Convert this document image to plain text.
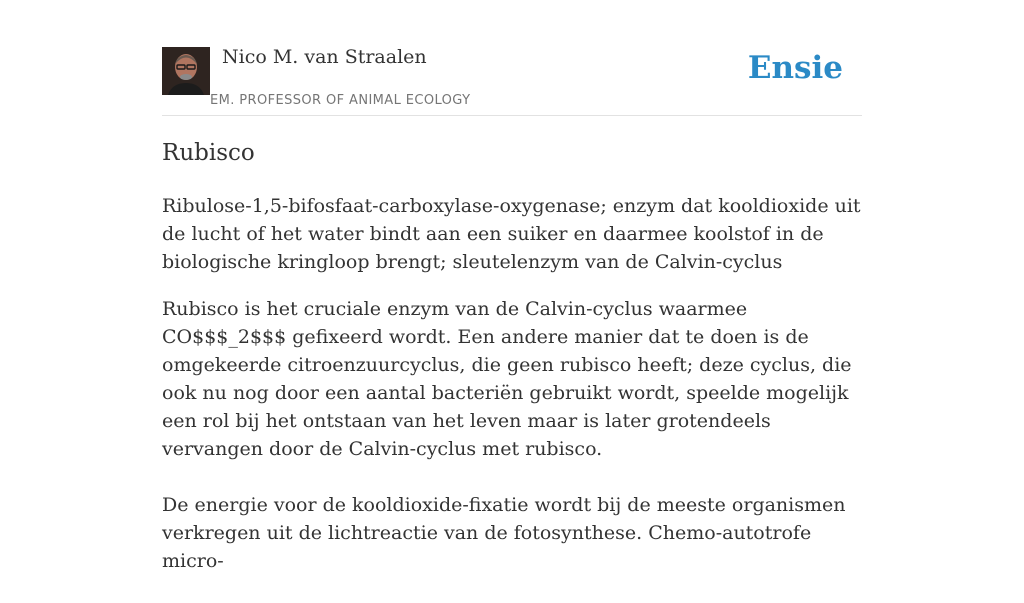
Nico M. van Straalen
EM. PROFESSOR OF ANIMAL ECOLOGY
Ensie
Rubisco

Ribulose-1,5-bifosfaat-carboxylase-oxygenase; enzym dat kooldioxide uit de lucht of het water bindt aan een suiker en daarmee koolstof in de biologische kringloop brengt; sleutelenzym van de Calvin-cyclus

Rubisco is het cruciale enzym van de Calvin-cyclus waarmee CO$$$_2$$$ gefixeerd wordt. Een andere manier dat te doen is de omgekeerde citroenzuurcyclus, die geen rubisco heeft; deze cyclus, die ook nu nog door een aantal bacteriën gebruikt wordt, speelde mogelijk een rol bij het ontstaan van het leven maar is later grotendeels vervangen door de Calvin-cyclus met rubisco.

De energie voor de kooldioxide-fixatie wordt bij de meeste organismen verkregen uit de lichtreactie van de fotosynthese. Chemo-autotrofe micro-
